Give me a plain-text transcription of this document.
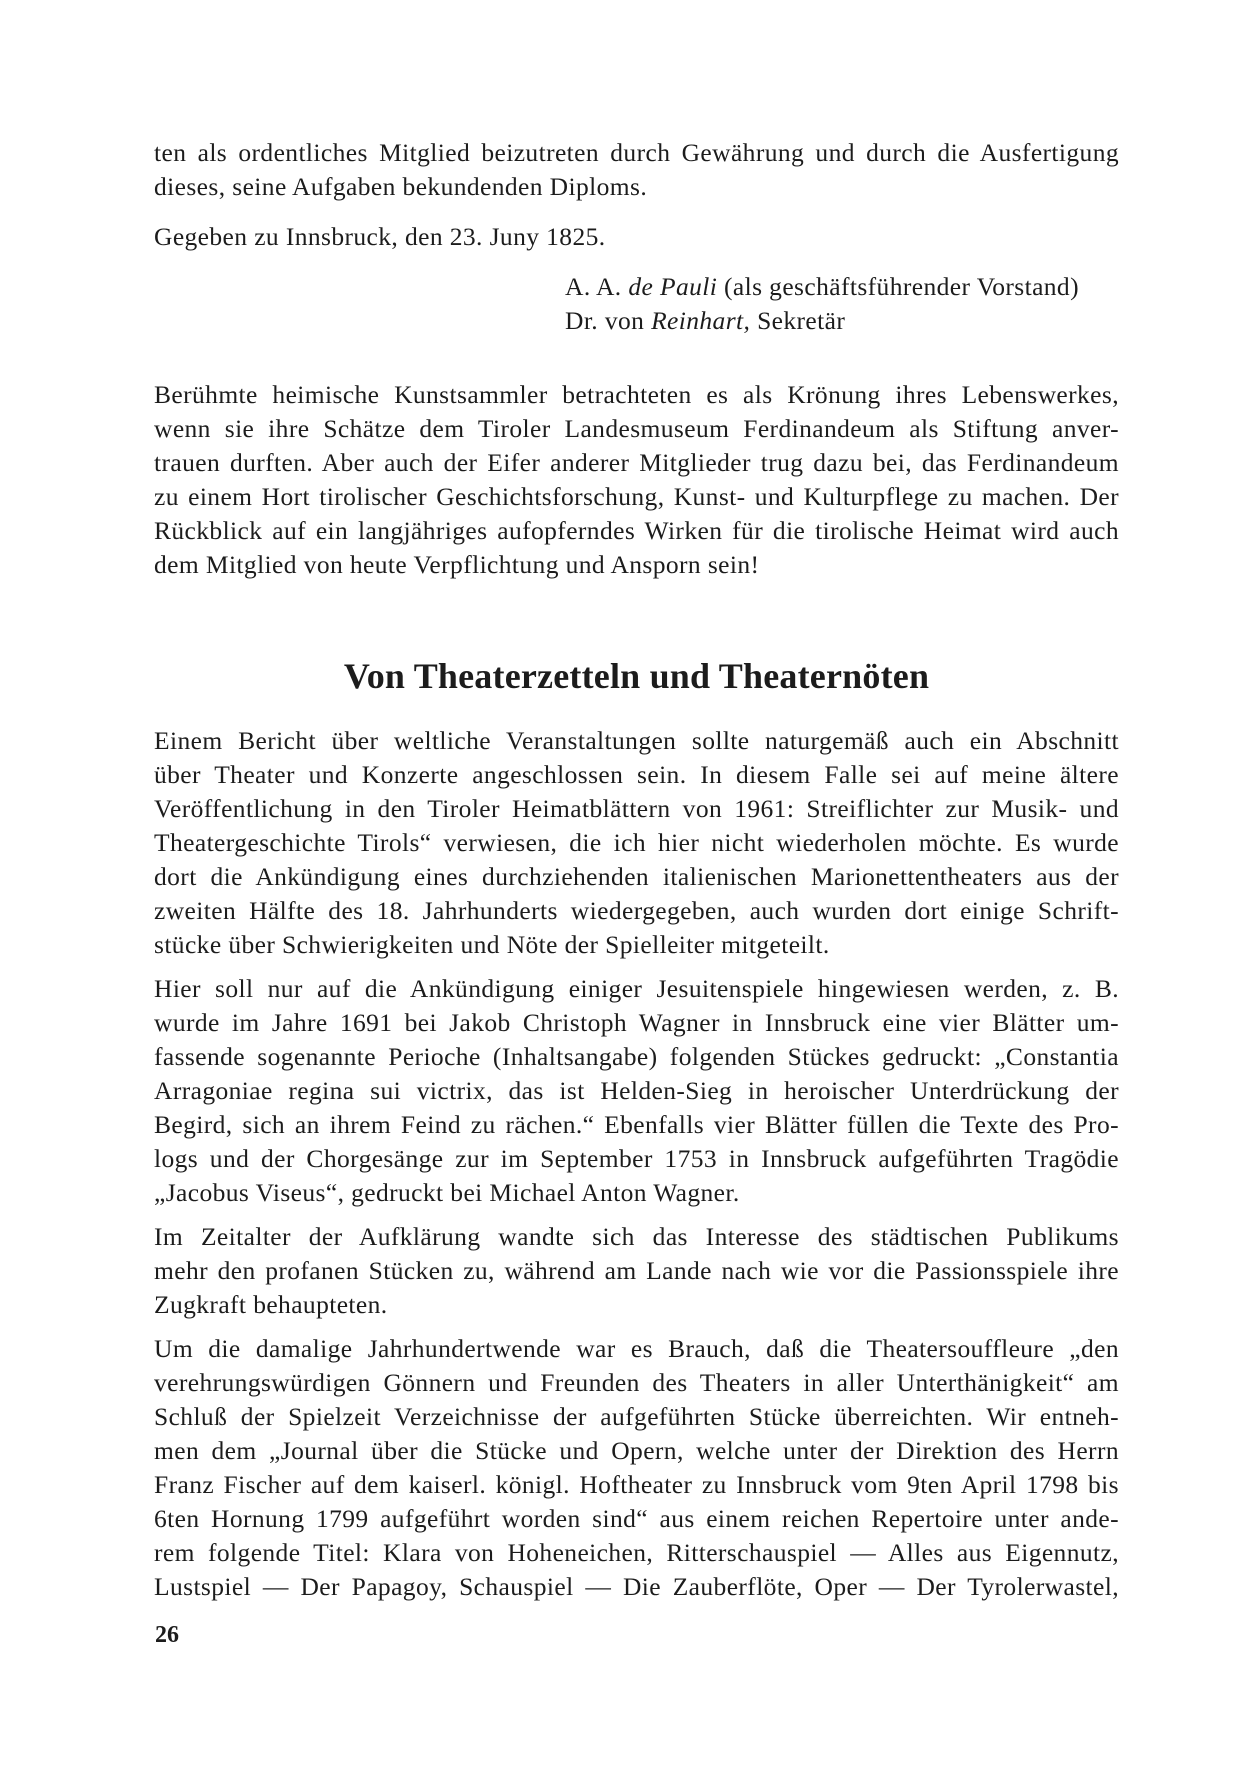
ten als ordentliches Mitglied beizutreten durch Gewährung und durch die Ausfertigung
dieses, seine Aufgaben bekundenden Diploms.
Gegeben zu Innsbruck, den 23. Juny 1825.
A. A. de Pauli (als geschäftsführender Vorstand)
Dr. von Reinhart, Sekretär
Berühmte heimische Kunstsammler betrachteten es als Krönung ihres Lebenswerkes,
wenn sie ihre Schätze dem Tiroler Landesmuseum Ferdinandeum als Stiftung anver-
trauen durften. Aber auch der Eifer anderer Mitglieder trug dazu bei, das Ferdinandeum
zu einem Hort tirolischer Geschichtsforschung, Kunst- und Kulturpflege zu machen. Der
Rückblick auf ein langjähriges aufopferndes Wirken für die tirolische Heimat wird auch
dem Mitglied von heute Verpflichtung und Ansporn sein!
Von Theaterzetteln und Theaternöten
Einem Bericht über weltliche Veranstaltungen sollte naturgemäß auch ein Abschnitt
über Theater und Konzerte angeschlossen sein. In diesem Falle sei auf meine ältere
Veröffentlichung in den Tiroler Heimatblättern von 1961: Streiflichter zur Musik- und
Theatergeschichte Tirols“ verwiesen, die ich hier nicht wiederholen möchte. Es wurde
dort die Ankündigung eines durchziehenden italienischen Marionettentheaters aus der
zweiten Hälfte des 18. Jahrhunderts wiedergegeben, auch wurden dort einige Schrift-
stücke über Schwierigkeiten und Nöte der Spielleiter mitgeteilt.
Hier soll nur auf die Ankündigung einiger Jesuitenspiele hingewiesen werden, z. B.
wurde im Jahre 1691 bei Jakob Christoph Wagner in Innsbruck eine vier Blätter um-
fassende sogenannte Perioche (Inhaltsangabe) folgenden Stückes gedruckt: „Constantia
Arragoniae regina sui victrix, das ist Helden-Sieg in heroischer Unterdrückung der
Begird, sich an ihrem Feind zu rächen.“ Ebenfalls vier Blätter füllen die Texte des Pro-
logs und der Chorgesänge zur im September 1753 in Innsbruck aufgeführten Tragödie
„Jacobus Viseus“, gedruckt bei Michael Anton Wagner.
Im Zeitalter der Aufklärung wandte sich das Interesse des städtischen Publikums
mehr den profanen Stücken zu, während am Lande nach wie vor die Passionsspiele ihre
Zugkraft behaupteten.
Um die damalige Jahrhundertwende war es Brauch, daß die Theatersouffleure „den
verehrungswürdigen Gönnern und Freunden des Theaters in aller Unterthänigkeit“ am
Schluß der Spielzeit Verzeichnisse der aufgeführten Stücke überreichten. Wir entneh-
men dem „Journal über die Stücke und Opern, welche unter der Direktion des Herrn
Franz Fischer auf dem kaiserl. königl. Hoftheater zu Innsbruck vom 9ten April 1798 bis
6ten Hornung 1799 aufgeführt worden sind“ aus einem reichen Repertoire unter ande-
rem folgende Titel: Klara von Hoheneichen, Ritterschauspiel — Alles aus Eigennutz,
Lustspiel — Der Papagoy, Schauspiel — Die Zauberflöte, Oper — Der Tyrolerwastel,
26
